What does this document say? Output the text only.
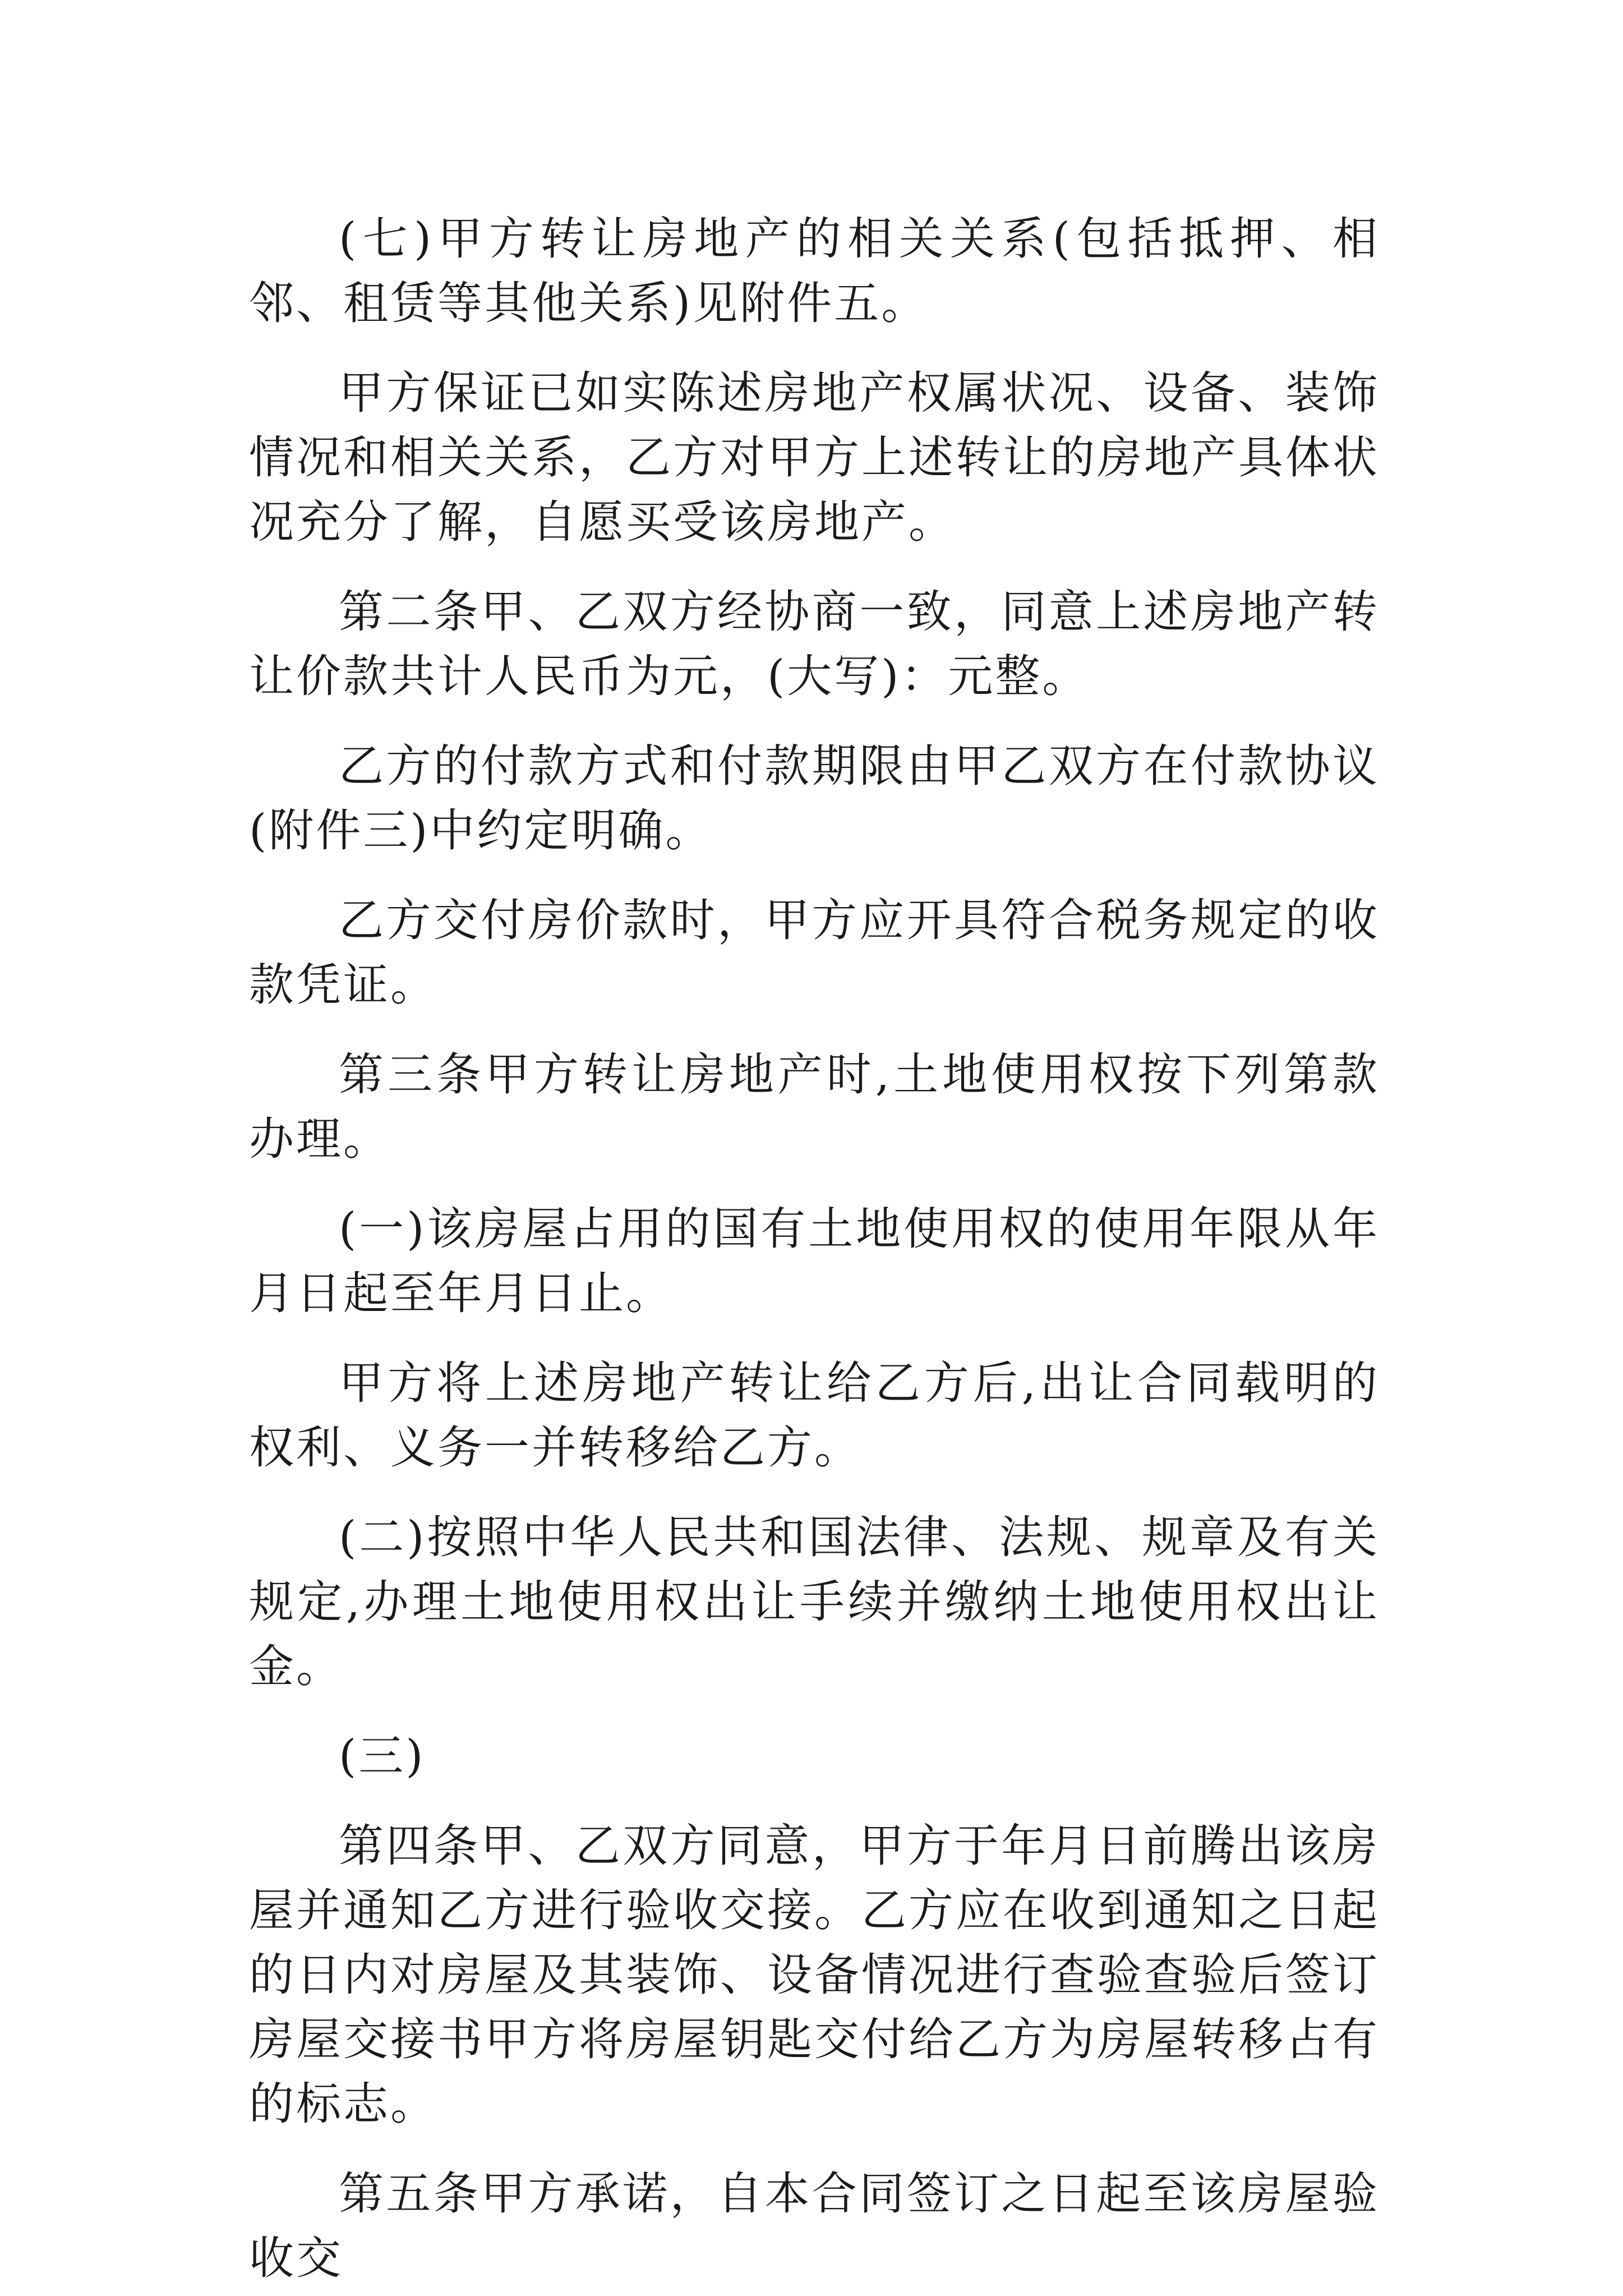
(七)甲方转让房地产的相关关系(包括抵押、相邻、租赁等其他关系)见附件五。

甲方保证已如实陈述房地产权属状况、设备、装饰情况和相关关系，乙方对甲方上述转让的房地产具体状况充分了解，自愿买受该房地产。

第二条甲、乙双方经协商一致，同意上述房地产转让价款共计人民币为元，(大写)：元整。

乙方的付款方式和付款期限由甲乙双方在付款协议(附件三)中约定明确。

乙方交付房价款时，甲方应开具符合税务规定的收款凭证。

第三条甲方转让房地产时,土地使用权按下列第款办理。

(一)该房屋占用的国有土地使用权的使用年限从年月日起至年月日止。

甲方将上述房地产转让给乙方后,出让合同载明的权利、义务一并转移给乙方。

(二)按照中华人民共和国法律、法规、规章及有关规定,办理土地使用权出让手续并缴纳土地使用权出让金。

(三)

第四条甲、乙双方同意，甲方于年月日前腾出该房屋并通知乙方进行验收交接。乙方应在收到通知之日起的日内对房屋及其装饰、设备情况进行查验查验后签订房屋交接书甲方将房屋钥匙交付给乙方为房屋转移占有的标志。

第五条甲方承诺，自本合同签订之日起至该房屋验收交
